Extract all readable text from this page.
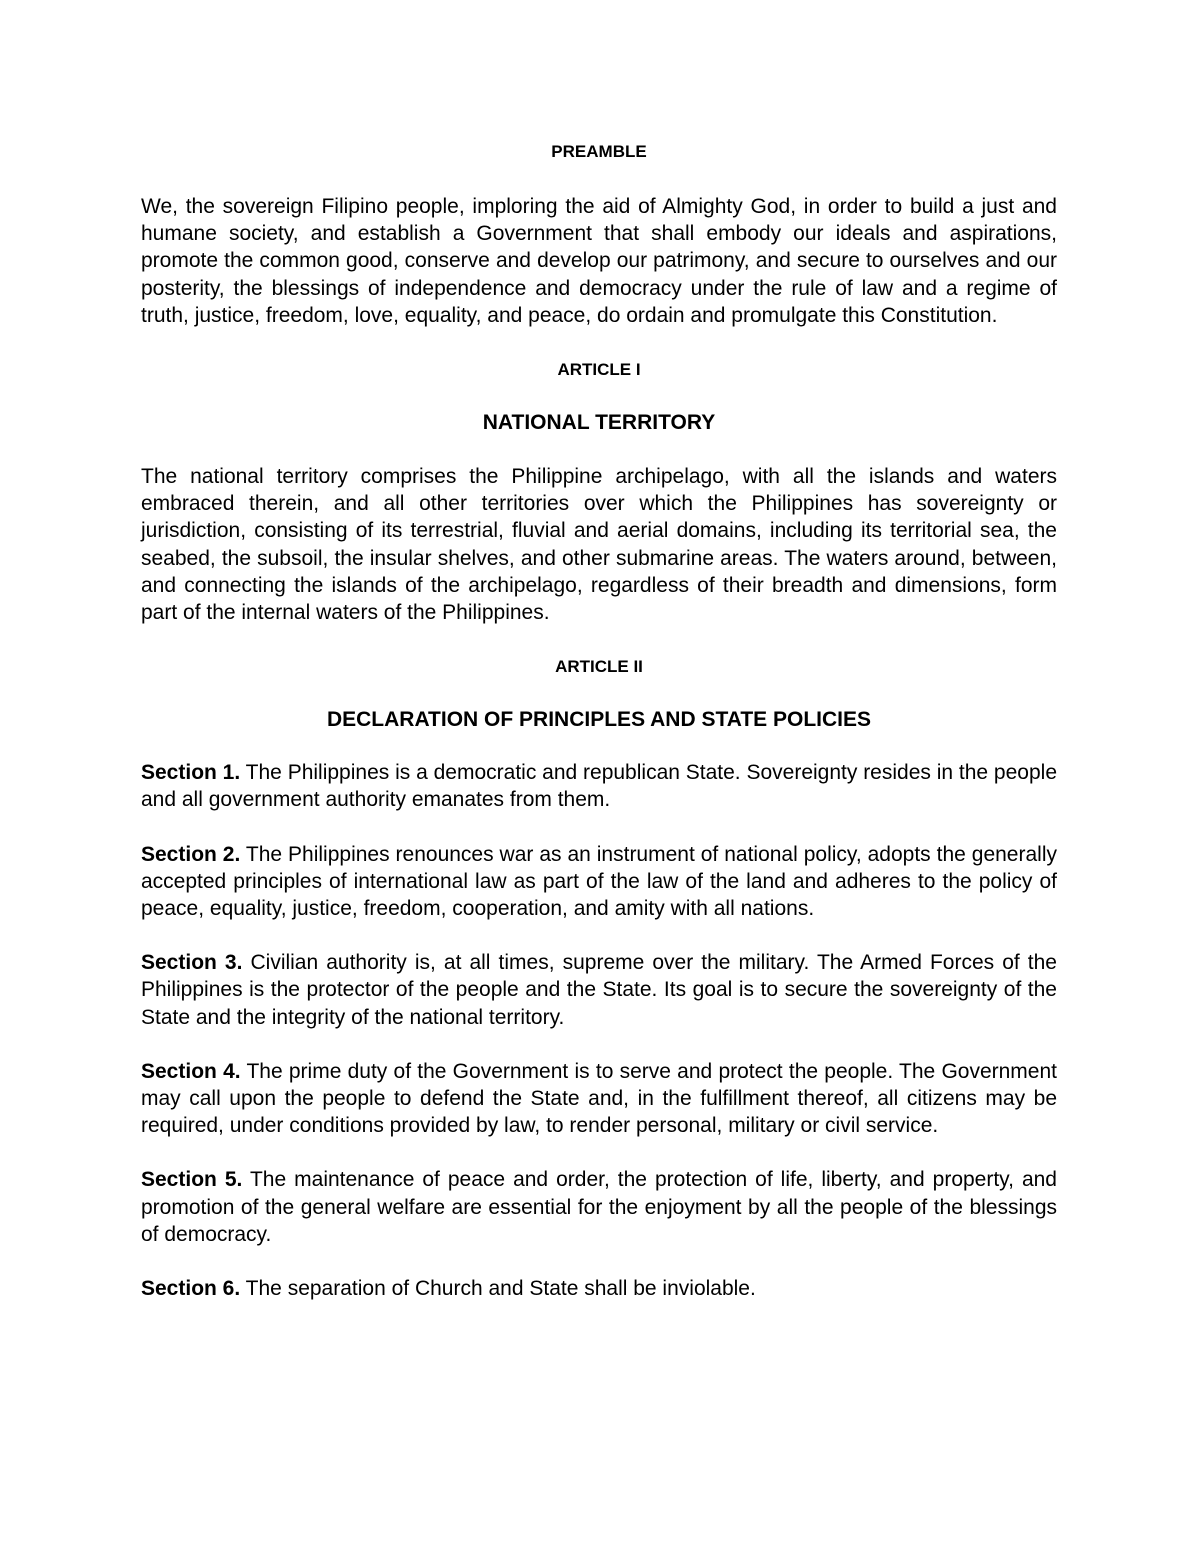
PREAMBLE

We, the sovereign Filipino people, imploring the aid of Almighty God, in order to build a just and humane society, and establish a Government that shall embody our ideals and aspirations, promote the common good, conserve and develop our patrimony, and secure to ourselves and our posterity, the blessings of independence and democracy under the rule of law and a regime of truth, justice, freedom, love, equality, and peace, do ordain and promulgate this Constitution.

ARTICLE I

NATIONAL TERRITORY

The national territory comprises the Philippine archipelago, with all the islands and waters embraced therein, and all other territories over which the Philippines has sovereignty or jurisdiction, consisting of its terrestrial, fluvial and aerial domains, including its territorial sea, the seabed, the subsoil, the insular shelves, and other submarine areas. The waters around, between, and connecting the islands of the archipelago, regardless of their breadth and dimensions, form part of the internal waters of the Philippines.

ARTICLE II

DECLARATION OF PRINCIPLES AND STATE POLICIES

Section 1. The Philippines is a democratic and republican State. Sovereignty resides in the people and all government authority emanates from them.

Section 2. The Philippines renounces war as an instrument of national policy, adopts the generally accepted principles of international law as part of the law of the land and adheres to the policy of peace, equality, justice, freedom, cooperation, and amity with all nations.

Section 3. Civilian authority is, at all times, supreme over the military. The Armed Forces of the Philippines is the protector of the people and the State. Its goal is to secure the sovereignty of the State and the integrity of the national territory.

Section 4. The prime duty of the Government is to serve and protect the people. The Government may call upon the people to defend the State and, in the fulfillment thereof, all citizens may be required, under conditions provided by law, to render personal, military or civil service.

Section 5. The maintenance of peace and order, the protection of life, liberty, and property, and promotion of the general welfare are essential for the enjoyment by all the people of the blessings of democracy.

Section 6. The separation of Church and State shall be inviolable.
